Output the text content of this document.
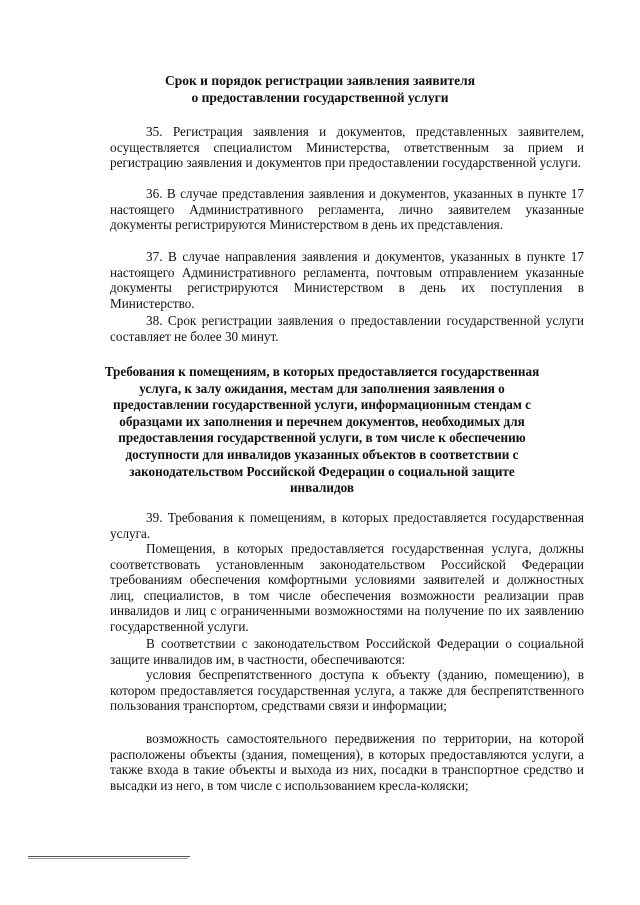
Срок и порядок регистрации заявления заявителя
о предоставлении государственной услуги

35. Регистрация заявления и документов, представленных заявителем, осуществляется специалистом Министерства, ответственным за прием и регистрацию заявления и документов при предоставлении государственной услуги.

36. В случае представления заявления и документов, указанных в пункте 17 настоящего Административного регламента, лично заявителем указанные документы регистрируются Министерством в день их представления.

37. В случае направления заявления и документов, указанных в пункте 17 настоящего Административного регламента, почтовым отправлением указанные документы регистрируются Министерством в день их поступления в Министерство.

38. Срок регистрации заявления о предоставлении государственной услуги составляет не более 30 минут.

Требования к помещениям, в которых предоставляется государственная услуга, к залу ожидания, местам для заполнения заявления о предоставлении государственной услуги, информационным стендам с образцами их заполнения и перечнем документов, необходимых для предоставления государственной услуги, в том числе к обеспечению доступности для инвалидов указанных объектов в соответствии с законодательством Российской Федерации о социальной защите инвалидов

39. Требования к помещениям, в которых предоставляется государственная услуга.

Помещения, в которых предоставляется государственная услуга, должны соответствовать установленным законодательством Российской Федерации требованиям обеспечения комфортными условиями заявителей и должностных лиц, специалистов, в том числе обеспечения возможности реализации прав инвалидов и лиц с ограниченными возможностями на получение по их заявлению государственной услуги.

В соответствии с законодательством Российской Федерации о социальной защите инвалидов им, в частности, обеспечиваются:

условия беспрепятственного доступа к объекту (зданию, помещению), в котором предоставляется государственная услуга, а также для беспрепятственного пользования транспортом, средствами связи и информации;

возможность самостоятельного передвижения по территории, на которой расположены объекты (здания, помещения), в которых предоставляются услуги, а также входа в такие объекты и выхода из них, посадки в транспортное средство и высадки из него, в том числе с использованием кресла-коляски;
